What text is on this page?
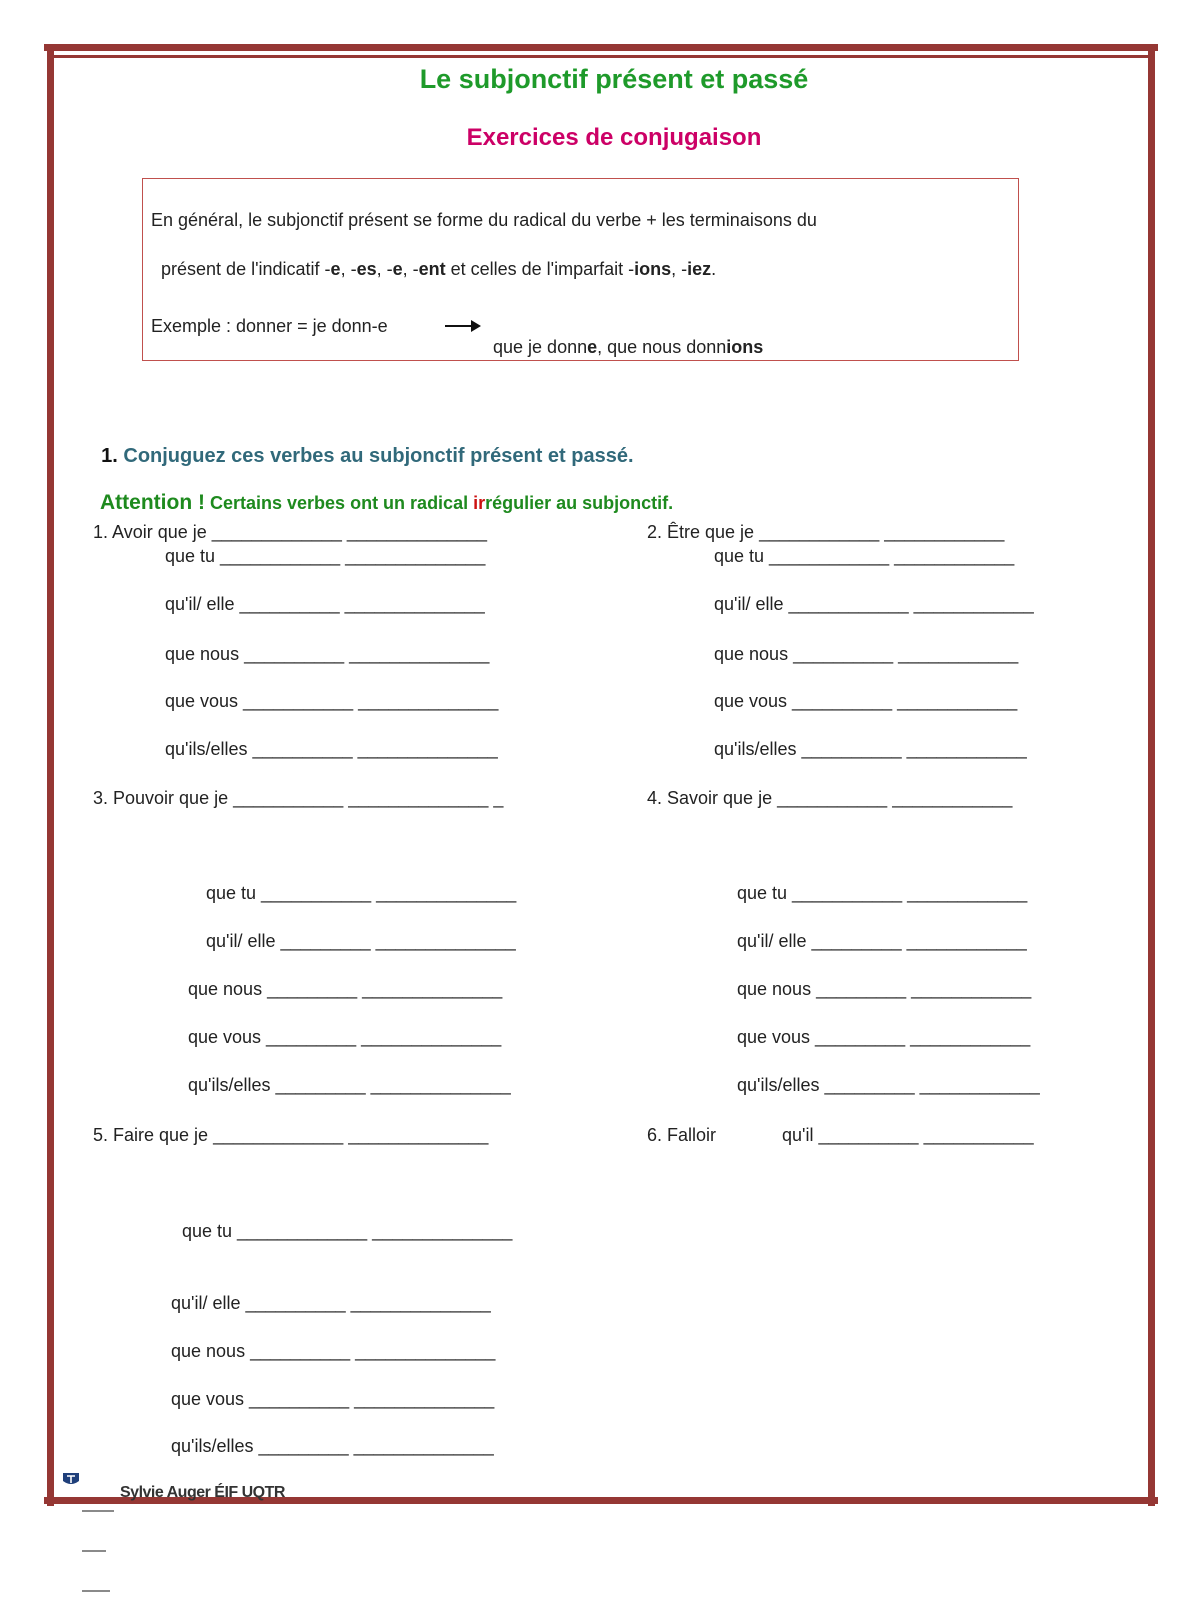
Le subjonctif présent et passé
Exercices de conjugaison
En général, le subjonctif présent se forme du radical du verbe + les terminaisons du

présent de l'indicatif -e, -es, -e, -ent et celles de l'imparfait -ions, -iez.

Exemple : donner = je donn-e

que je donne, que nous donnions

1. Conjuguez ces verbes au subjonctif présent et passé.

Attention ! Certains verbes ont un radical irrégulier au subjonctif.

1. Avoir que je _____________ ______________
que tu ____________ ______________
qu'il/ elle __________ ______________
que nous __________ ______________
que vous ___________ ______________
qu'ils/elles __________ ______________
2. Être que je ____________ ____________
que tu ____________ ____________
qu'il/ elle ____________ ____________
que nous __________ ____________
que vous __________ ____________
qu'ils/elles __________ ____________
3. Pouvoir que je ___________ ______________ _
que tu ___________ ______________
qu'il/ elle _________ ______________
que nous _________ ______________
que vous _________ ______________
qu'ils/elles _________ ______________
4. Savoir que je ___________ ____________
que tu ___________ ____________
qu'il/ elle _________ ____________
que nous _________ ____________
que vous _________ ____________
qu'ils/elles _________ ____________
5. Faire que je _____________ ______________
que tu _____________ ______________
qu'il/ elle __________ ______________
que nous __________ ______________
que vous __________ ______________
qu'ils/elles _________ ______________
6. Falloir	qu'il __________ ___________

Sylvie Auger ÉIF UQTR
